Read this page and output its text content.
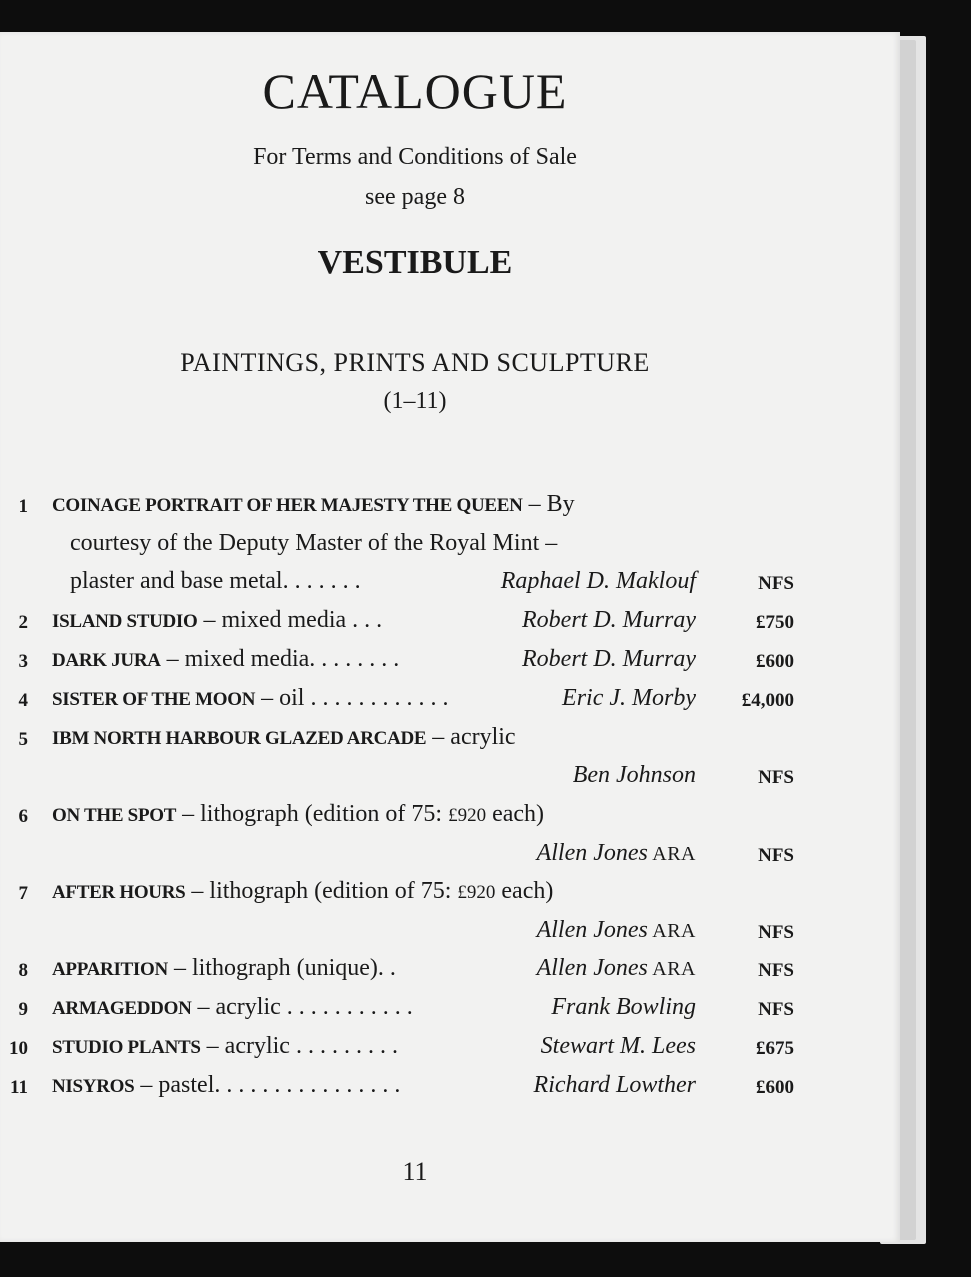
CATALOGUE
For Terms and Conditions of Sale
see page 8
VESTIBULE
PAINTINGS, PRINTS AND SCULPTURE
(1–11)
1 COINAGE PORTRAIT OF HER MAJESTY THE QUEEN – By
courtesy of the Deputy Master of the Royal Mint –
plaster and base metal. . . . . . .	Raphael D. Maklouf	NFS
2 ISLAND STUDIO – mixed media . . .	Robert D. Murray	£750
3 DARK JURA – mixed media. . . . . . . .	Robert D. Murray	£600
4 SISTER OF THE MOON – oil . . . . . . . . . . . .	Eric J. Morby £4,000
5 IBM NORTH HARBOUR GLAZED ARCADE – acrylic
Ben Johnson	NFS
6 ON THE SPOT – lithograph (edition of 75: £920 each)
Allen Jones ARA	NFS
7 AFTER HOURS – lithograph (edition of 75: £920 each)
Allen Jones ARA	NFS
8 APPARITION – lithograph (unique). .	Allen Jones ARA	NFS
9 ARMAGEDDON – acrylic . . . . . . . . . . .	Frank Bowling	NFS
10 STUDIO PLANTS – acrylic . . . . . . . . .	Stewart M. Lees	£675
11 NISYROS – pastel. . . . . . . . . . . . . . . .	Richard Lowther	£600
11
